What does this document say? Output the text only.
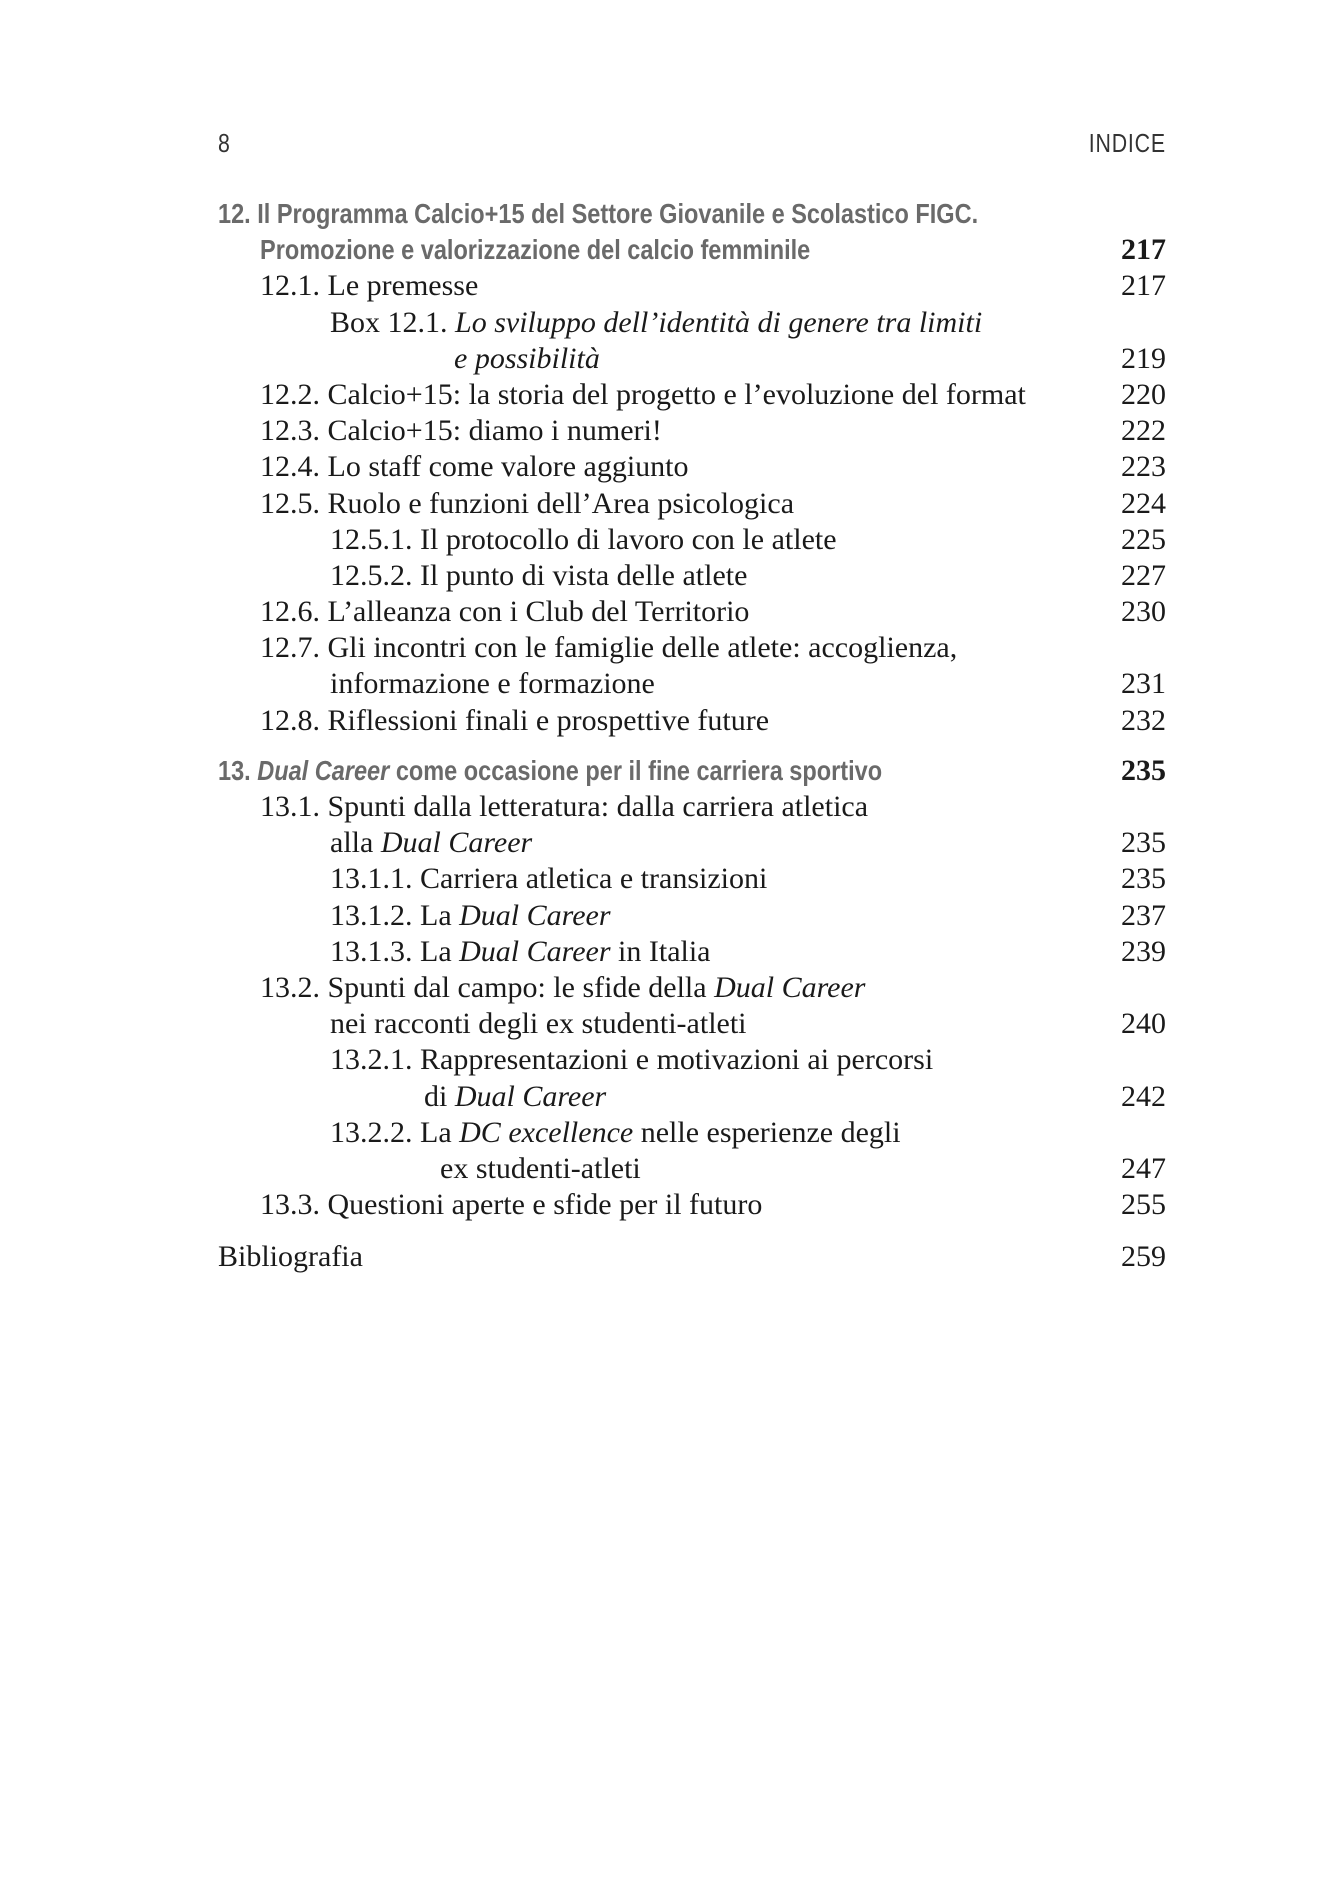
8	INDICE
12. Il Programma Calcio+15 del Settore Giovanile e Scolastico FIGC.
Promozione e valorizzazione del calcio femminile	217
12.1. Le premesse	217
Box 12.1. Lo sviluppo dell’identità di genere tra limiti
e possibilità	219
12.2. Calcio+15: la storia del progetto e l’evoluzione del format	220
12.3. Calcio+15: diamo i numeri!	222
12.4. Lo staff come valore aggiunto	223
12.5. Ruolo e funzioni dell’Area psicologica	224
12.5.1. Il protocollo di lavoro con le atlete	225
12.5.2. Il punto di vista delle atlete	227
12.6. L’alleanza con i Club del Territorio	230
12.7. Gli incontri con le famiglie delle atlete: accoglienza,
informazione e formazione	231
12.8. Riflessioni finali e prospettive future	232
13. Dual Career come occasione per il fine carriera sportivo	235
13.1. Spunti dalla letteratura: dalla carriera atletica
alla Dual Career	235
13.1.1. Carriera atletica e transizioni	235
13.1.2. La Dual Career	237
13.1.3. La Dual Career in Italia	239
13.2. Spunti dal campo: le sfide della Dual Career
nei racconti degli ex studenti-atleti	240
13.2.1. Rappresentazioni e motivazioni ai percorsi
di Dual Career	242
13.2.2. La DC excellence nelle esperienze degli
ex studenti-atleti	247
13.3. Questioni aperte e sfide per il futuro	255
Bibliografia	259
